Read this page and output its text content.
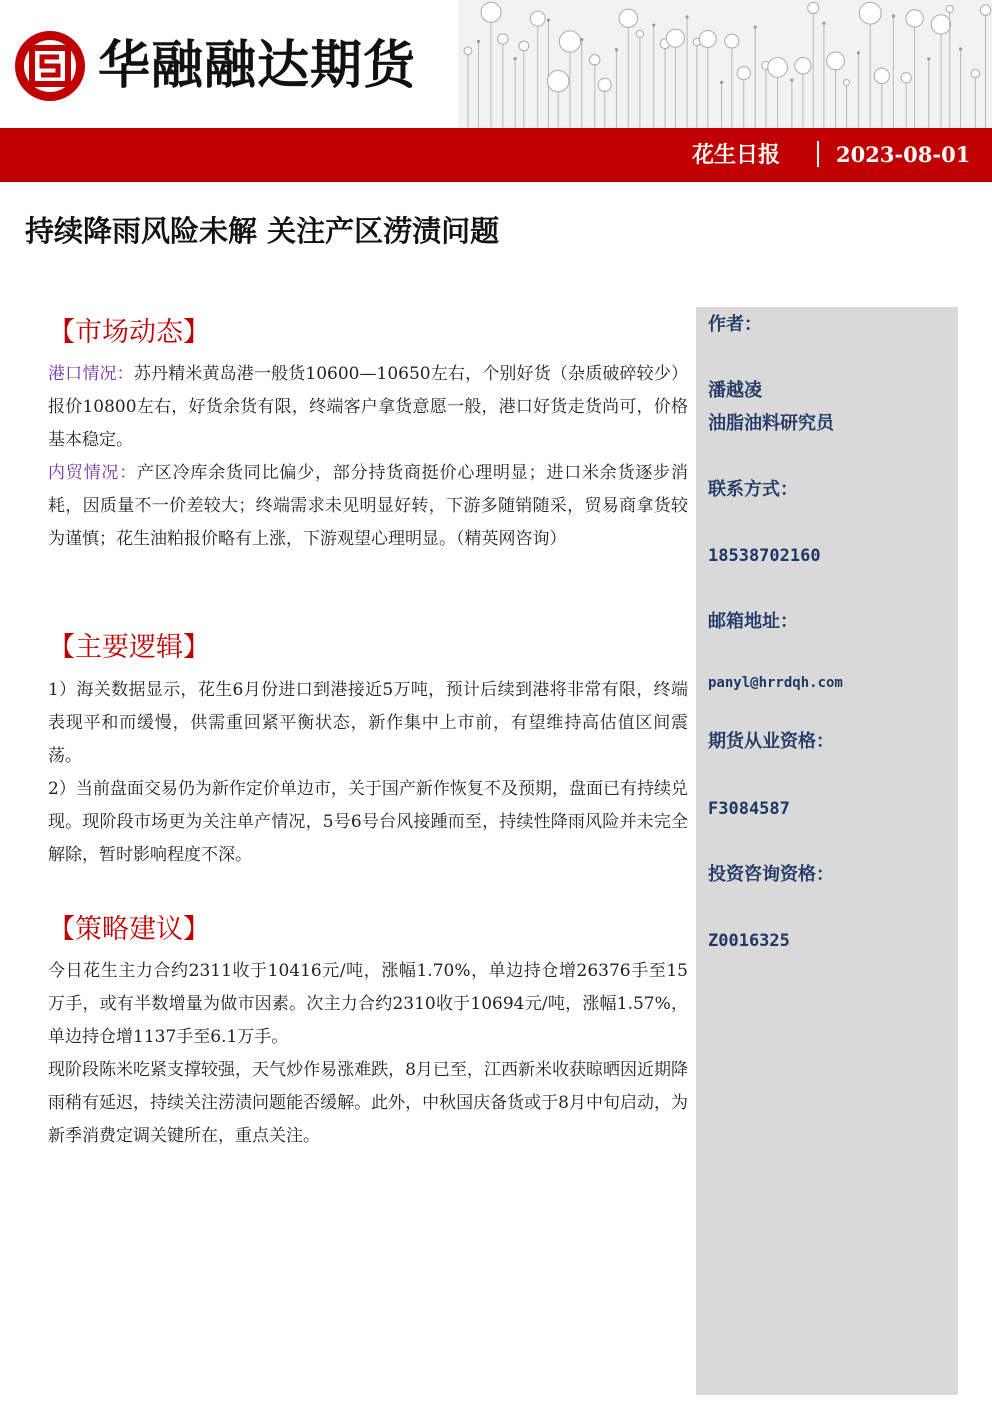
华融融达期货
花生日报	2023-08-01
持续降雨风险未解 关注产区涝渍问题
【市场动态】

港口情况：苏丹精米黄岛港一般货10600—10650左右，个别好货（杂质破碎较少）报价10800左右，好货余货有限，终端客户拿货意愿一般，港口好货走货尚可，价格基本稳定。

内贸情况：产区冷库余货同比偏少，部分持货商挺价心理明显；进口米余货逐步消耗，因质量不一价差较大；终端需求未见明显好转，下游多随销随采，贸易商拿货较为谨慎；花生油粕报价略有上涨，下游观望心理明显。（精英网咨询）

【主要逻辑】

1）海关数据显示，花生6月份进口到港接近5万吨，预计后续到港将非常有限，终端表现平和而缓慢，供需重回紧平衡状态，新作集中上市前，有望维持高估值区间震荡。

2）当前盘面交易仍为新作定价单边市，关于国产新作恢复不及预期，盘面已有持续兑现。现阶段市场更为关注单产情况，5号6号台风接踵而至，持续性降雨风险并未完全解除，暂时影响程度不深。

【策略建议】

今日花生主力合约2311收于10416元/吨，涨幅1.70%，单边持仓增26376手至15万手，或有半数增量为做市因素。次主力合约2310收于10694元/吨，涨幅1.57%，单边持仓增1137手至6.1万手。

现阶段陈米吃紧支撑较强，天气炒作易涨难跌，8月已至，江西新米收获晾晒因近期降雨稍有延迟，持续关注涝渍问题能否缓解。此外，中秋国庆备货或于8月中旬启动，为新季消费定调关键所在，重点关注。

作者：
潘越凌
油脂油料研究员
联系方式：
18538702160
邮箱地址：
panyl@hrrdqh.com
期货从业资格：
F3084587
投资咨询资格：
Z0016325
